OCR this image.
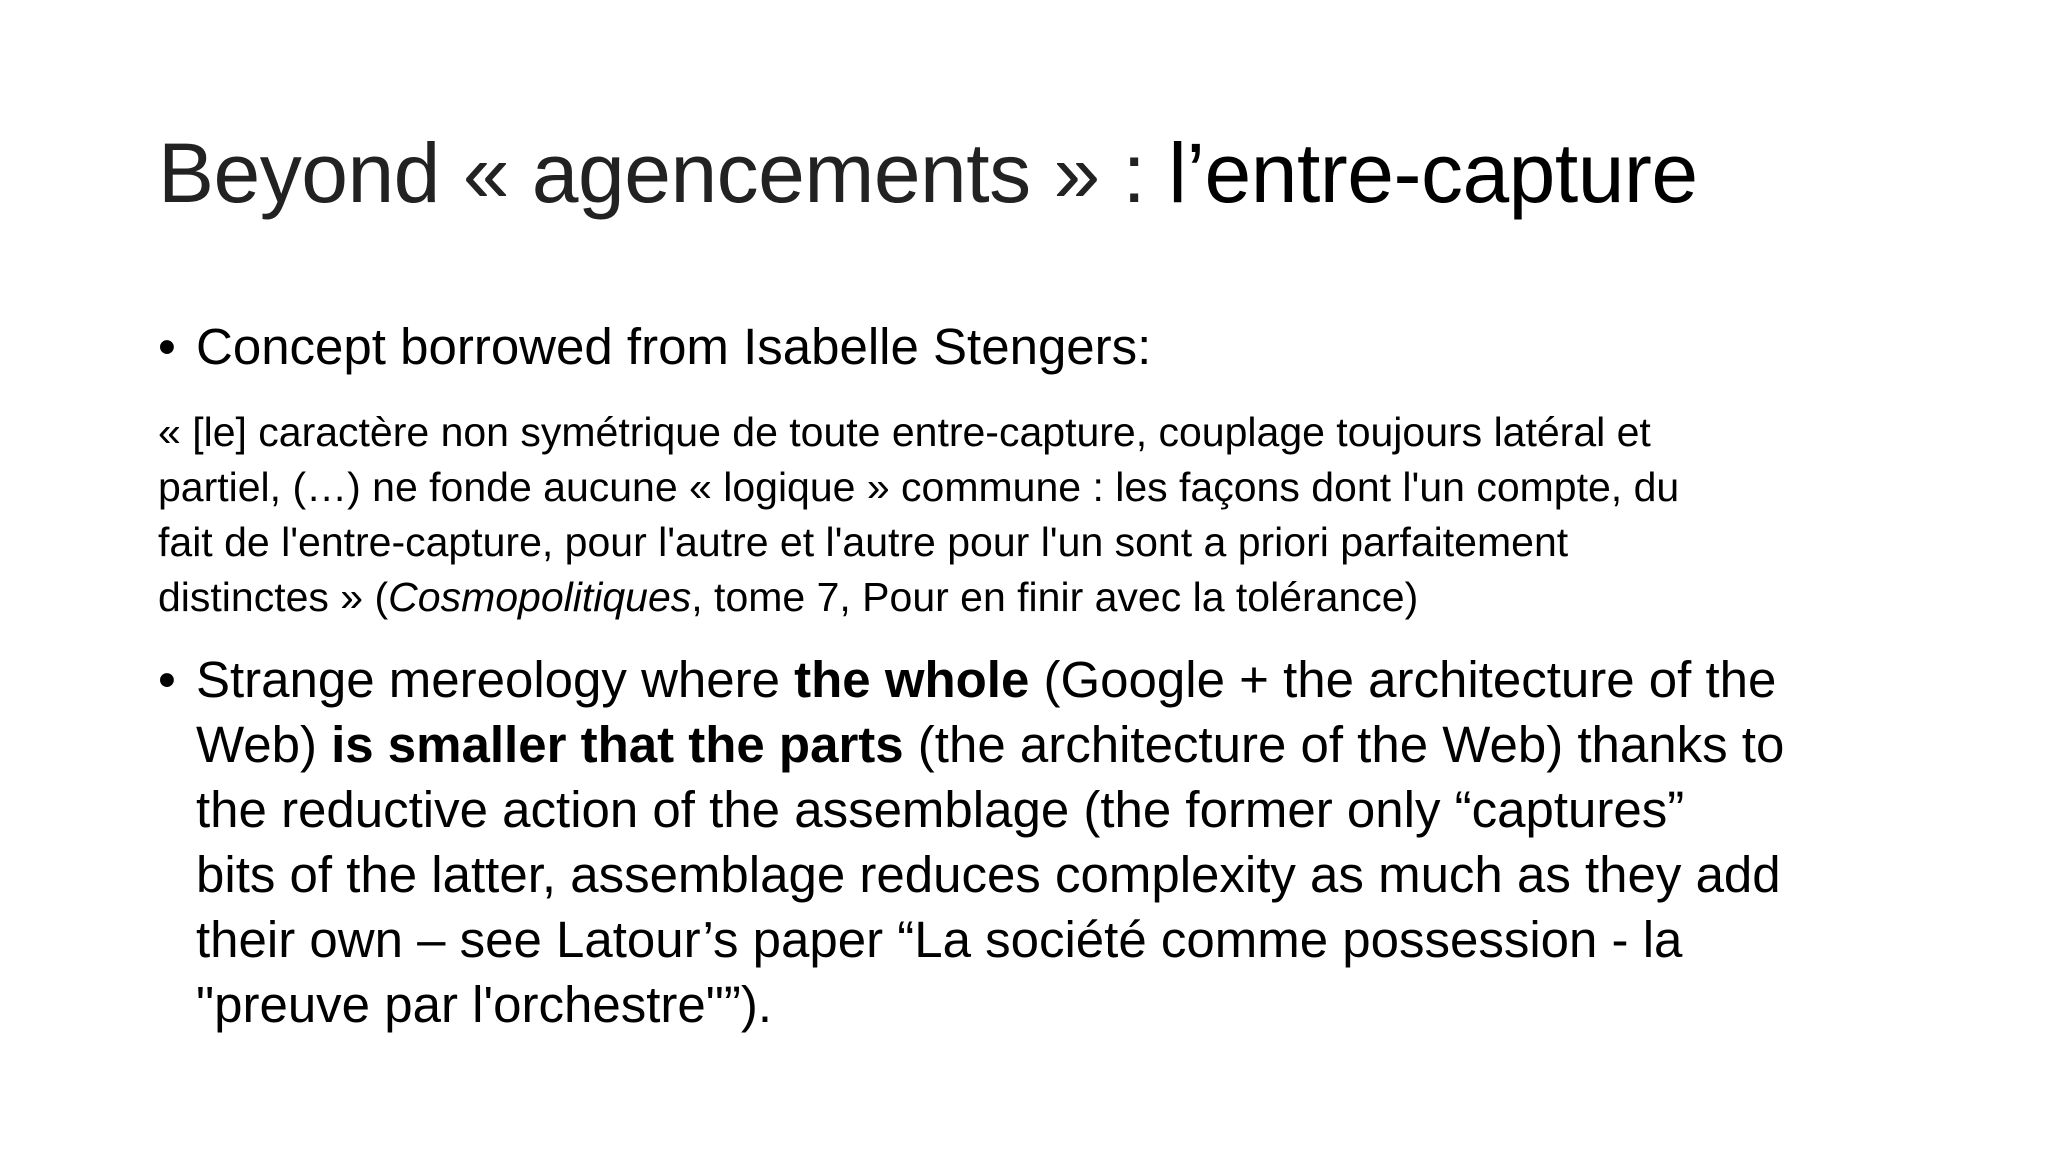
Beyond « agencements » : l’entre-capture
• Concept borrowed from Isabelle Stengers:
« [le] caractère non symétrique de toute entre-capture, couplage toujours latéral et
partiel, (…) ne fonde aucune « logique » commune : les façons dont l'un compte, du
fait de l'entre-capture, pour l'autre et l'autre pour l'un sont a priori parfaitement
distinctes » (Cosmopolitiques, tome 7, Pour en finir avec la tolérance)
• Strange mereology where the whole (Google + the architecture of the
Web) is smaller that the parts (the architecture of the Web) thanks to
the reductive action of the assemblage (the former only “captures”
bits of the latter, assemblage reduces complexity as much as they add
their own – see Latour’s paper “La société comme possession - la
"preuve par l'orchestre"”).
